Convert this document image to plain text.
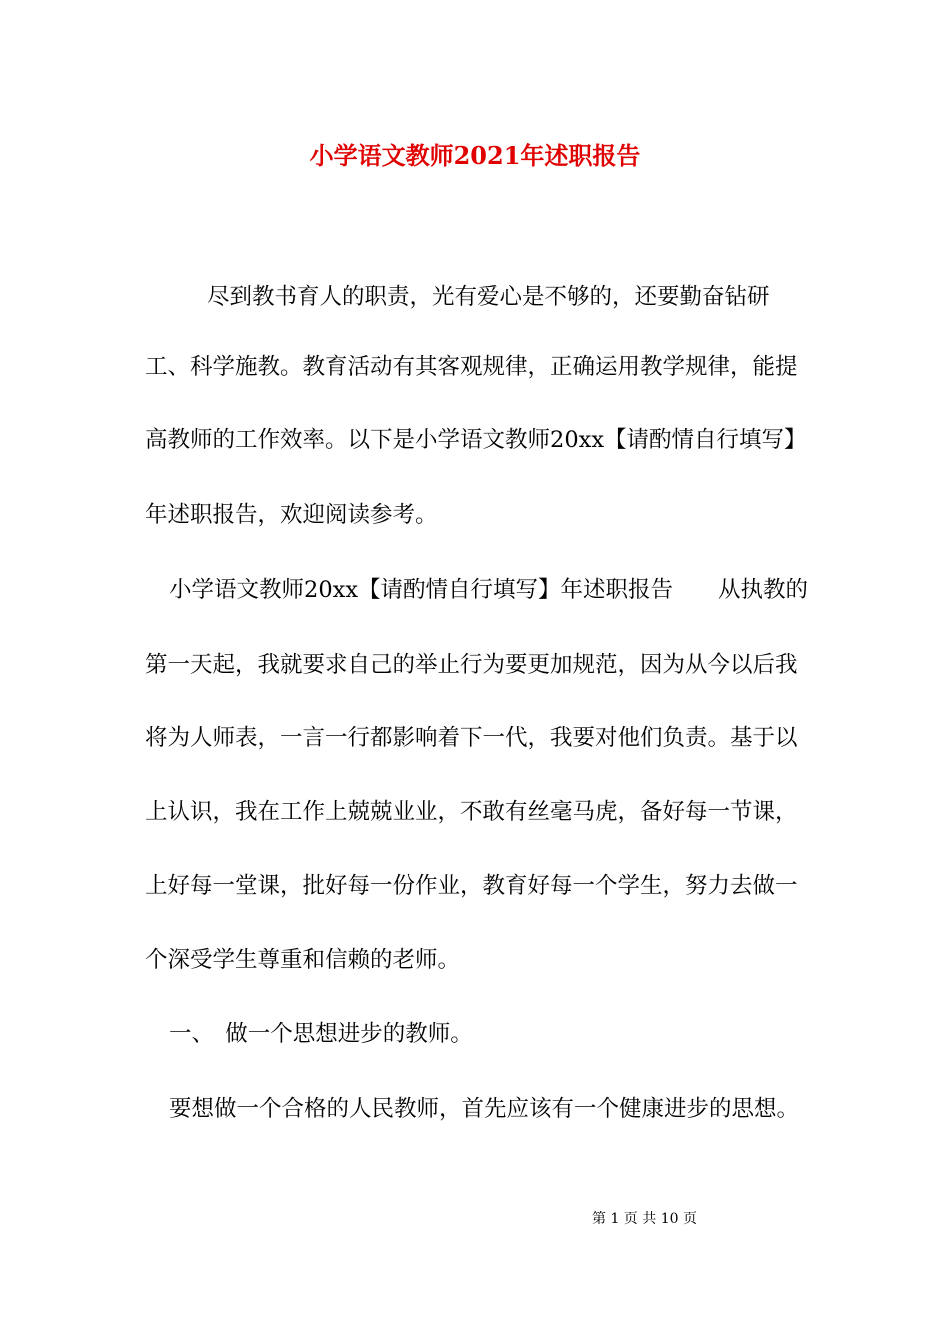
小学语文教师2021年述职报告
尽到教书育人的职责，光有爱心是不够的，还要勤奋钻研
工、科学施教。教育活动有其客观规律，正确运用教学规律，能提
高教师的工作效率。以下是小学语文教师20xx【请酌情自行填写】
年述职报告，欢迎阅读参考。
小学语文教师20xx【请酌情自行填写】年述职报告　　从执教的
第一天起，我就要求自己的举止行为要更加规范，因为从今以后我
将为人师表，一言一行都影响着下一代，我要对他们负责。基于以
上认识，我在工作上兢兢业业，不敢有丝毫马虎，备好每一节课，
上好每一堂课，批好每一份作业，教育好每一个学生，努力去做一
个深受学生尊重和信赖的老师。
一、　做一个思想进步的教师。
要想做一个合格的人民教师，首先应该有一个健康进步的思想。
第 1 页 共 10 页
